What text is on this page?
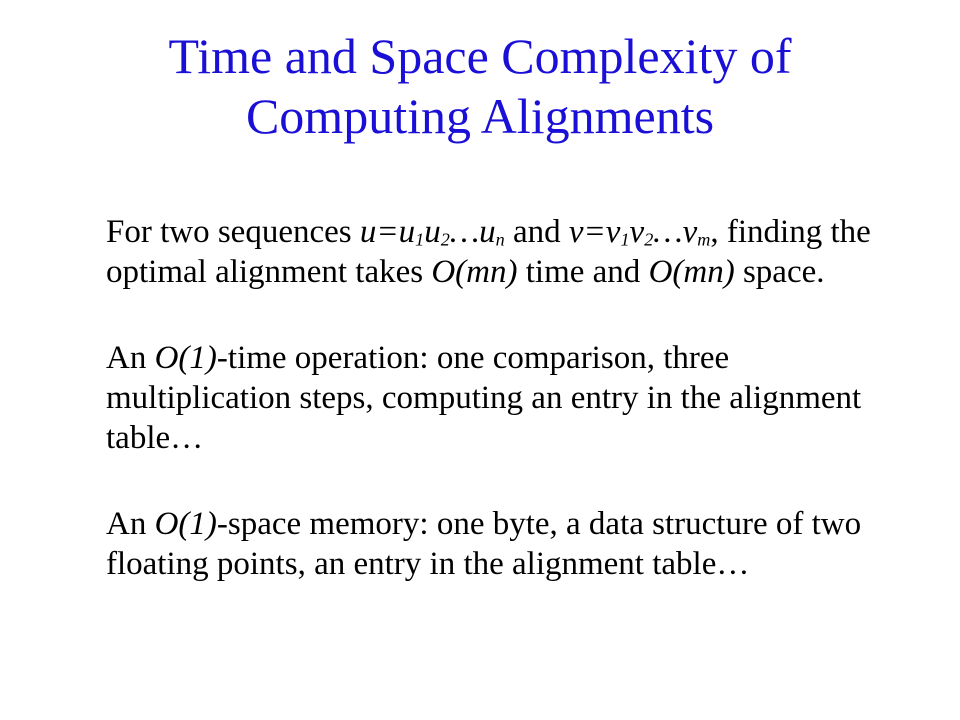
Time and Space Complexity of
Computing Alignments
For two sequences $u=u_1u_2\dots u_n$ and $v=v_1v_2\dots v_m$, finding the
optimal alignment takes O(mn) time and O(mn) space.
An O(1)-time operation: one comparison, three
multiplication steps, computing an entry in the alignment
table…
An O(1)-space memory: one byte, a data structure of two
floating points, an entry in the alignment table…
